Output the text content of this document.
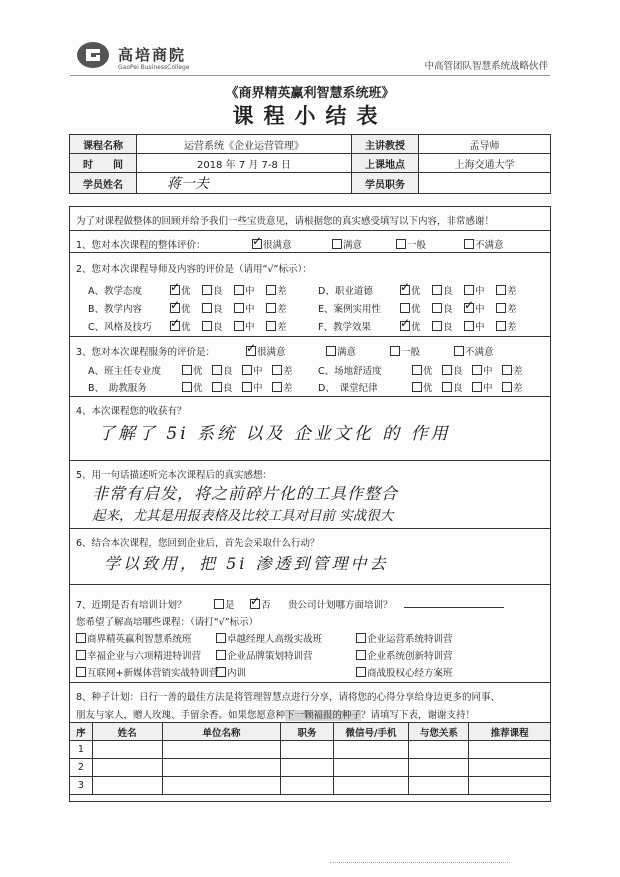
高培商院
GaoPei BusinessCollege	中高管团队智慧系统战略伙伴
《商界精英赢利智慧系统班》
课程小结表
课程名称	运营系统《企业运营管理》	主讲教授	孟导师
时　　间	2018 年 7 月 7-8 日	上课地点	上海交通大学
学员姓名	蒋一夫	学员职务	
为了对课程做整体的回顾并给予我们一些宝贵意见，请根据您的真实感受填写以下内容，非常感谢！
1、您对本次课程的整体评价： ✓	很满意	满意	一般	不满意
2、您对本次课程导师及内容的评价是（请用“√”标示）：
A、教学态度 ✓	优	良	中	差
B、教学内容 ✓	优	良	中	差
C、风格及技巧 ✓	优	良	中	差
D、职业道德 ✓	优	良	中	差
E、案例实用性	优	良 ✓	中	差
F、教学效果 ✓	优	良	中	差
3、您对本次课程服务的评价是： ✓	很满意	满意	一般	不满意
A、班主任专业度	优	良	中	差
B、　助教服务	优	良	中	差
C、场地舒适度	优	良	中	差
D、　课堂纪律	优	良	中	差
4、本次课程您的收获有？
了解了 5i 系统 以及 企业文化 的 作用
5、用一句话描述听完本次课程后的真实感想：
非常有启发，将之前碎片化的工具作整合
起来，尤其是用报表格及比较工具对目前 实战很大
6、结合本次课程，您回到企业后，首先会采取什么行动？
学以致用，把 5i 渗透到管理中去
7、近期是否有培训计划？	是 ✓	否 贵公司计划哪方面培训？
您希望了解高培哪些课程：（请打“√”标示）
商界精英赢利智慧系统班	卓越经理人高级实战班	企业运营系统特训营
幸福企业与六项精进特训营	企业品牌策划特训营	企业系统创新特训营
互联网+新媒体营销实战特训营 内训	商战股权心经方案班
8、种子计划：日行一善的最佳方法是将管理智慧点进行分享，请将您的心得分享给身边更多的同事、
朋友与家人，赠人玫瑰、手留余香。如果您愿意种下一颗福报的种子？请填写下表，谢谢支持！
序	姓名	单位名称	职务	微信号/手机	与您关系	推荐课程
1						
2						
3						
